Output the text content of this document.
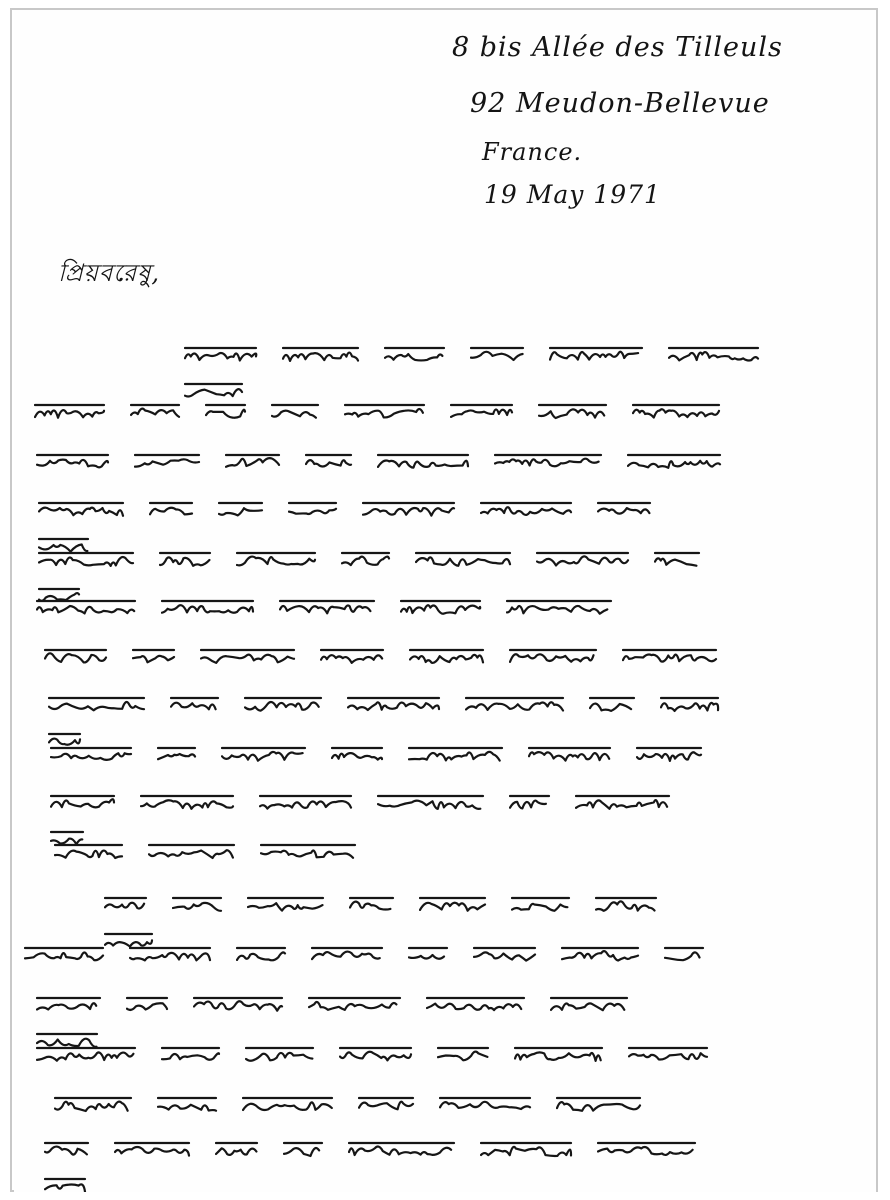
8 bis Allée des Tilleuls
92 Meudon-Bellevue
France.
19 May 1971
প্রিয়বরেষু,
